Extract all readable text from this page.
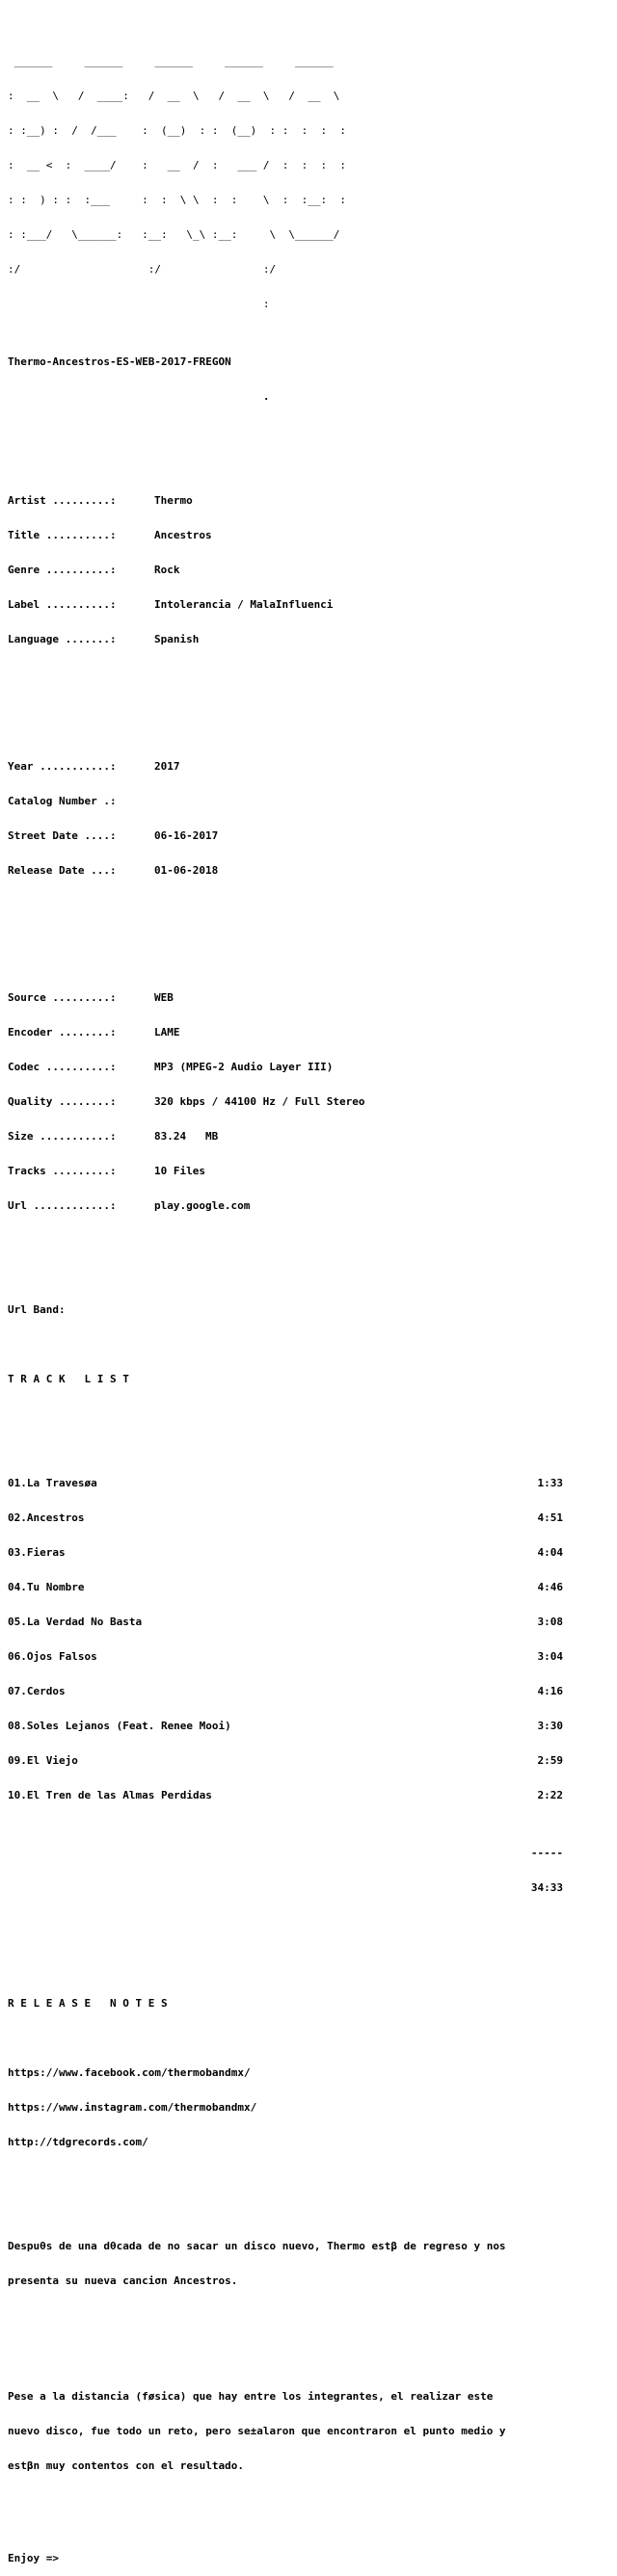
______     ______     ______     ______     ______

:  __  \   /  ____:   /  __  \   /  __  \   /  __  \

: :__) :  /  /___    :  (__)  : :  (__)  : :  :  :  :

:  __ <  :  ____/    :   __  /  :   ___ /  :  :  :  :

: :  ) : :  :___     :  :  \ \  :  :    \  :  :__:  :

: :___/   \______:   :__:   \_\ :__:     \  \______/

:/                    :/                :/

:

Thermo-Ancestros-ES-WEB-2017-FREGON

.

Artist .........:	Thermo

Title ..........:	Ancestros

Genre ..........:	Rock

Label ..........:	Intolerancia / MalaInfluenci

Language .......:	Spanish

Year ...........:	2017

Catalog Number .:

Street Date ....:	06-16-2017

Release Date ...:	01-06-2018

Source .........:	WEB

Encoder ........:	LAME

Codec ..........:	MP3 (MPEG-2 Audio Layer III)

Quality ........:	320 kbps / 44100 Hz / Full Stereo

Size ...........:	83.24   MB

Tracks .........:	10 Files

Url ............:	play.google.com

Url Band:

T R A C K   L I S T

01.La Travesøa	1:33

02.Ancestros	4:51

03.Fieras	4:04

04.Tu Nombre	4:46

05.La Verdad No Basta	3:08

06.Ojos Falsos	3:04

07.Cerdos	4:16

08.Soles Lejanos (Feat. Renee Mooi)	3:30

09.El Viejo	2:59

10.El Tren de las Almas Perdidas	2:22

-----

34:33

R E L E A S E   N O T E S

https://www.facebook.com/thermobandmx/

https://www.instagram.com/thermobandmx/

http://tdgrecords.com/

Despuθs de una dθcada de no sacar un disco nuevo, Thermo estβ de regreso y nos

presenta su nueva canciσn Ancestros.

Pese a la distancia (føsica) que hay entre los integrantes, el realizar este

nuevo disco, fue todo un reto, pero se±alaron que encontraron el punto medio y

estβn muy contentos con el resultado.

Enjoy =>
